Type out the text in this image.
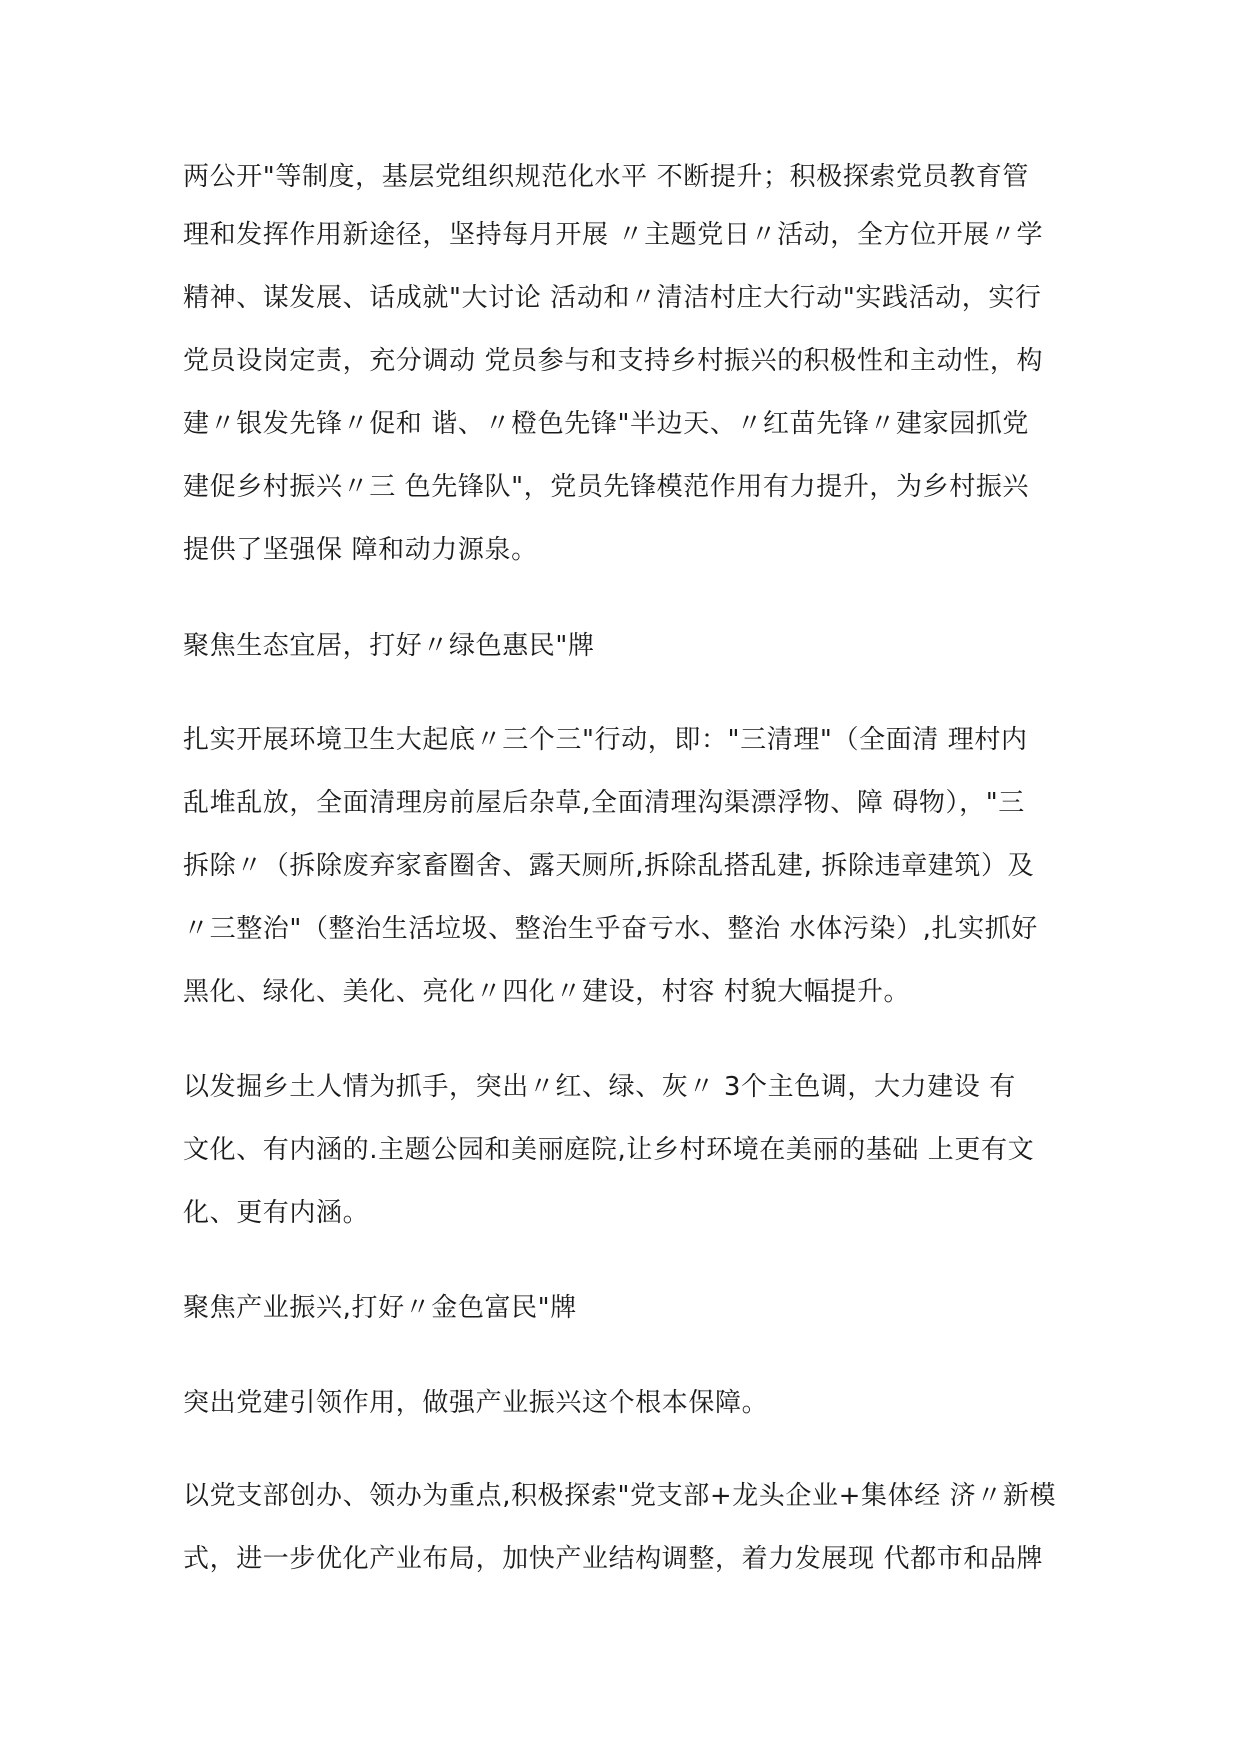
两公开"等制度，基层党组织规范化水平 不断提升；积极探索党员教育管
理和发挥作用新途径，坚持每月开展 〃主题党日〃活动，全方位开展〃学
精神、谋发展、话成就"大讨论 活动和〃清洁村庄大行动"实践活动，实行
党员设岗定责，充分调动 党员参与和支持乡村振兴的积极性和主动性，构
建〃银发先锋〃促和 谐、〃橙色先锋"半边天、〃红苗先锋〃建家园抓党
建促乡村振兴〃三 色先锋队"，党员先锋模范作用有力提升，为乡村振兴
提供了坚强保 障和动力源泉。
聚焦生态宜居，打好〃绿色惠民"牌
扎实开展环境卫生大起底〃三个三"行动，即："三清理"（全面清 理村内
乱堆乱放，全面清理房前屋后杂草,全面清理沟渠漂浮物、障 碍物），"三
拆除〃（拆除废弃家畜圈舍、露天厕所,拆除乱搭乱建, 拆除违章建筑）及
〃三整治"（整治生活垃圾、整治生乎奋亏水、整治 水体污染）,扎实抓好
黑化、绿化、美化、亮化〃四化〃建设，村容 村貌大幅提升。
以发掘乡土人情为抓手，突出〃红、绿、灰〃 3个主色调，大力建设 有
文化、有内涵的.主题公园和美丽庭院,让乡村环境在美丽的基础 上更有文
化、更有内涵。
聚焦产业振兴,打好〃金色富民"牌
突出党建引领作用，做强产业振兴这个根本保障。
以党支部创办、领办为重点,积极探索"党支部+龙头企业+集体经 济〃新模
式，进一步优化产业布局，加快产业结构调整，着力发展现 代都市和品牌
